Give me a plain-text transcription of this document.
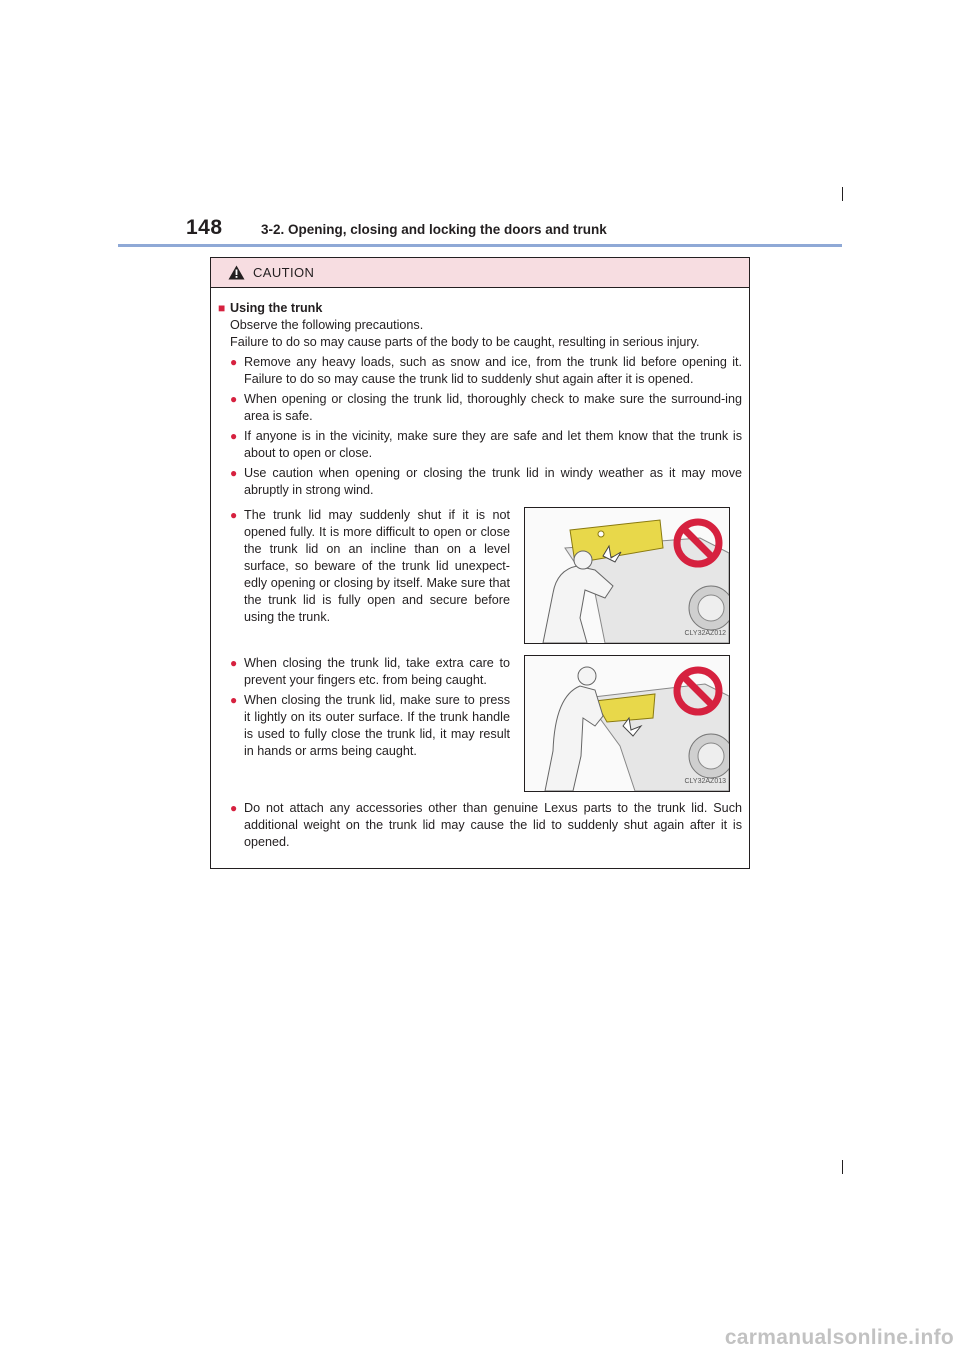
148	3-2. Opening, closing and locking the doors and trunk
CAUTION
■ Using the trunk
Observe the following precautions.
Failure to do so may cause parts of the body to be caught, resulting in serious injury.
● Remove any heavy loads, such as snow and ice, from the trunk lid before opening it. Failure to do so may cause the trunk lid to suddenly shut again after it is opened.
● When opening or closing the trunk lid, thoroughly check to make sure the surround-ing area is safe.
● If anyone is in the vicinity, make sure they are safe and let them know that the trunk is about to open or close.
● Use caution when opening or closing the trunk lid in windy weather as it may move abruptly in strong wind.
● The trunk lid may suddenly shut if it is not opened fully. It is more difficult to open or close the trunk lid on an incline than on a level surface, so beware of the trunk lid unexpect-edly opening or closing by itself. Make sure that the trunk lid is fully open and secure before using the trunk.
CLY32AZ012
● When closing the trunk lid, take extra care to prevent your fingers etc. from being caught.
● When closing the trunk lid, make sure to press it lightly on its outer surface. If the trunk handle is used to fully close the trunk lid, it may result in hands or arms being caught.
CLY32AZ013
● Do not attach any accessories other than genuine Lexus parts to the trunk lid. Such additional weight on the trunk lid may cause the lid to suddenly shut again after it is opened.
carmanualsonline.info
